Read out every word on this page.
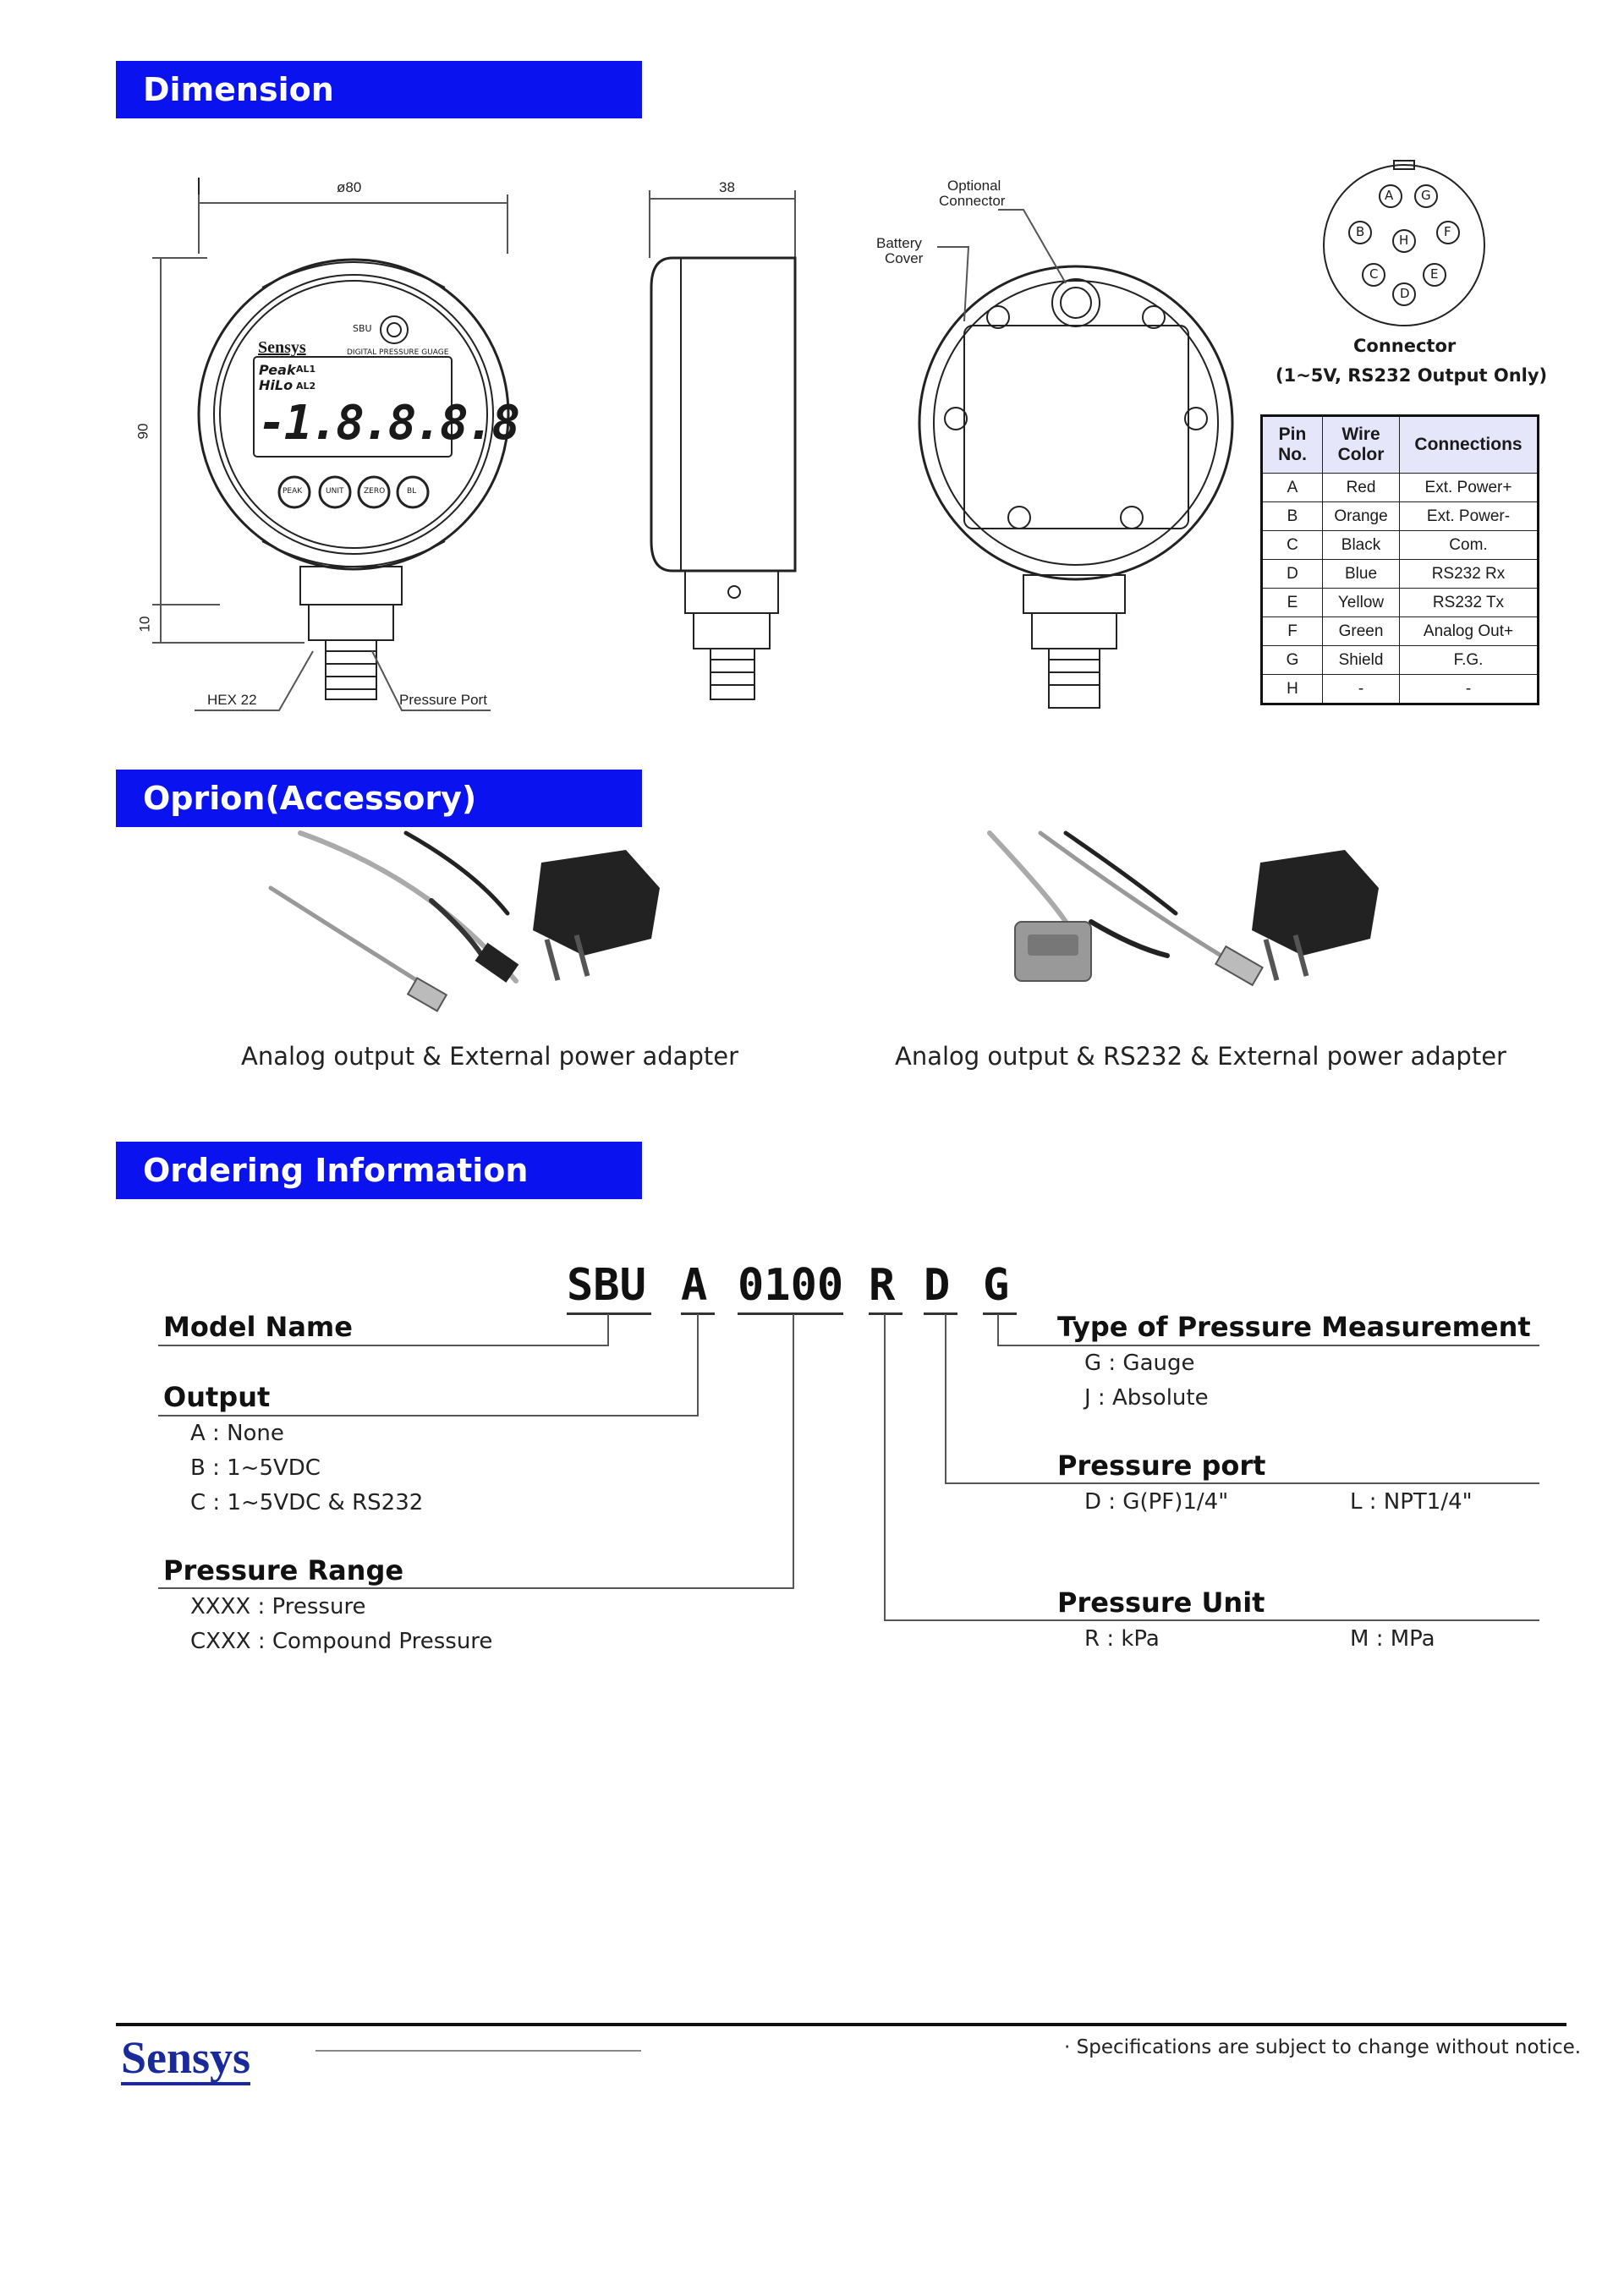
Dimension
Oprion(Accessory)
Ordering Information
ø80
90
10
HEX 22	Pressure Port
Sensys
SBU
DIGITAL PRESSURE GUAGE
Peak
HiLo
AL1
AL2
-1.8.8.8.8
PEAK	UNIT	ZERO	BL
38	Optional
Connector
Battery
Cover
A G
B
H
F
C	E
D
Connector
(1~5V, RS232 Output Only)
Pin No.	Wire Color	Connections
A	Red	Ext. Power+
B	Orange	Ext. Power-
C	Black	Com.
D	Blue	RS232 Rx
E	Yellow	RS232 Tx
F	Green	Analog Out+
G	Shield	F.G.
H	-	-
Analog output & External power adapter	Analog output & RS232 & External power adapter
SBU A 0100 R D G
Model Name
Output
A : None
B : 1~5VDC
C : 1~5VDC & RS232
Pressure Range
XXXX : Pressure
CXXX : Compound Pressure
Type of Pressure Measurement
G : Gauge
J : Absolute
Pressure port
D : G(PF)1/4"	L : NPT1/4"
Pressure Unit
R : kPa	M : MPa
Sensys	· Specifications are subject to change without notice.
